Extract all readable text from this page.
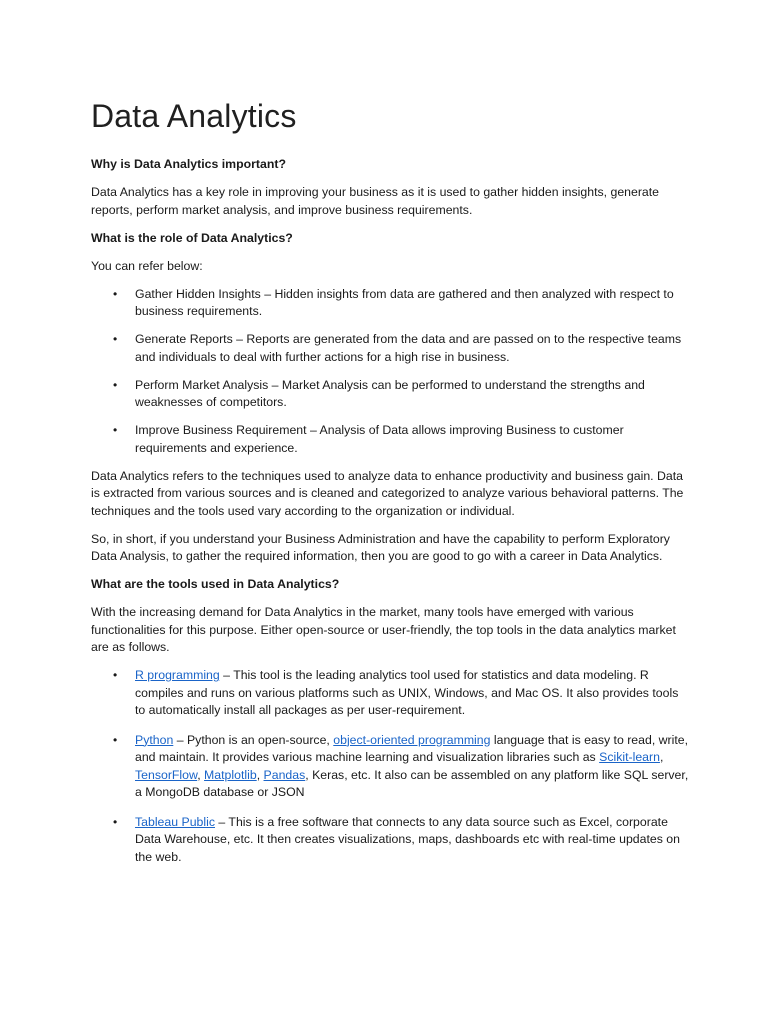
Data Analytics

Why is Data Analytics important?

Data Analytics has a key role in improving your business as it is used to gather hidden insights, generate reports, perform market analysis, and improve business requirements.

What is the role of Data Analytics?

You can refer below:

• Gather Hidden Insights – Hidden insights from data are gathered and then analyzed with respect to business requirements.
• Generate Reports – Reports are generated from the data and are passed on to the respective teams and individuals to deal with further actions for a high rise in business.
• Perform Market Analysis – Market Analysis can be performed to understand the strengths and weaknesses of competitors.
• Improve Business Requirement – Analysis of Data allows improving Business to customer requirements and experience.

Data Analytics refers to the techniques used to analyze data to enhance productivity and business gain. Data is extracted from various sources and is cleaned and categorized to analyze various behavioral patterns. The techniques and the tools used vary according to the organization or individual.

So, in short, if you understand your Business Administration and have the capability to perform Exploratory Data Analysis, to gather the required information, then you are good to go with a career in Data Analytics.

What are the tools used in Data Analytics?

With the increasing demand for Data Analytics in the market, many tools have emerged with various functionalities for this purpose. Either open-source or user-friendly, the top tools in the data analytics market are as follows.

• R programming – This tool is the leading analytics tool used for statistics and data modeling. R compiles and runs on various platforms such as UNIX, Windows, and Mac OS. It also provides tools to automatically install all packages as per user-requirement.
• Python – Python is an open-source, object-oriented programming language that is easy to read, write, and maintain. It provides various machine learning and visualization libraries such as Scikit-learn, TensorFlow, Matplotlib, Pandas, Keras, etc. It also can be assembled on any platform like SQL server, a MongoDB database or JSON
• Tableau Public – This is a free software that connects to any data source such as Excel, corporate Data Warehouse, etc. It then creates visualizations, maps, dashboards etc with real-time updates on the web.
